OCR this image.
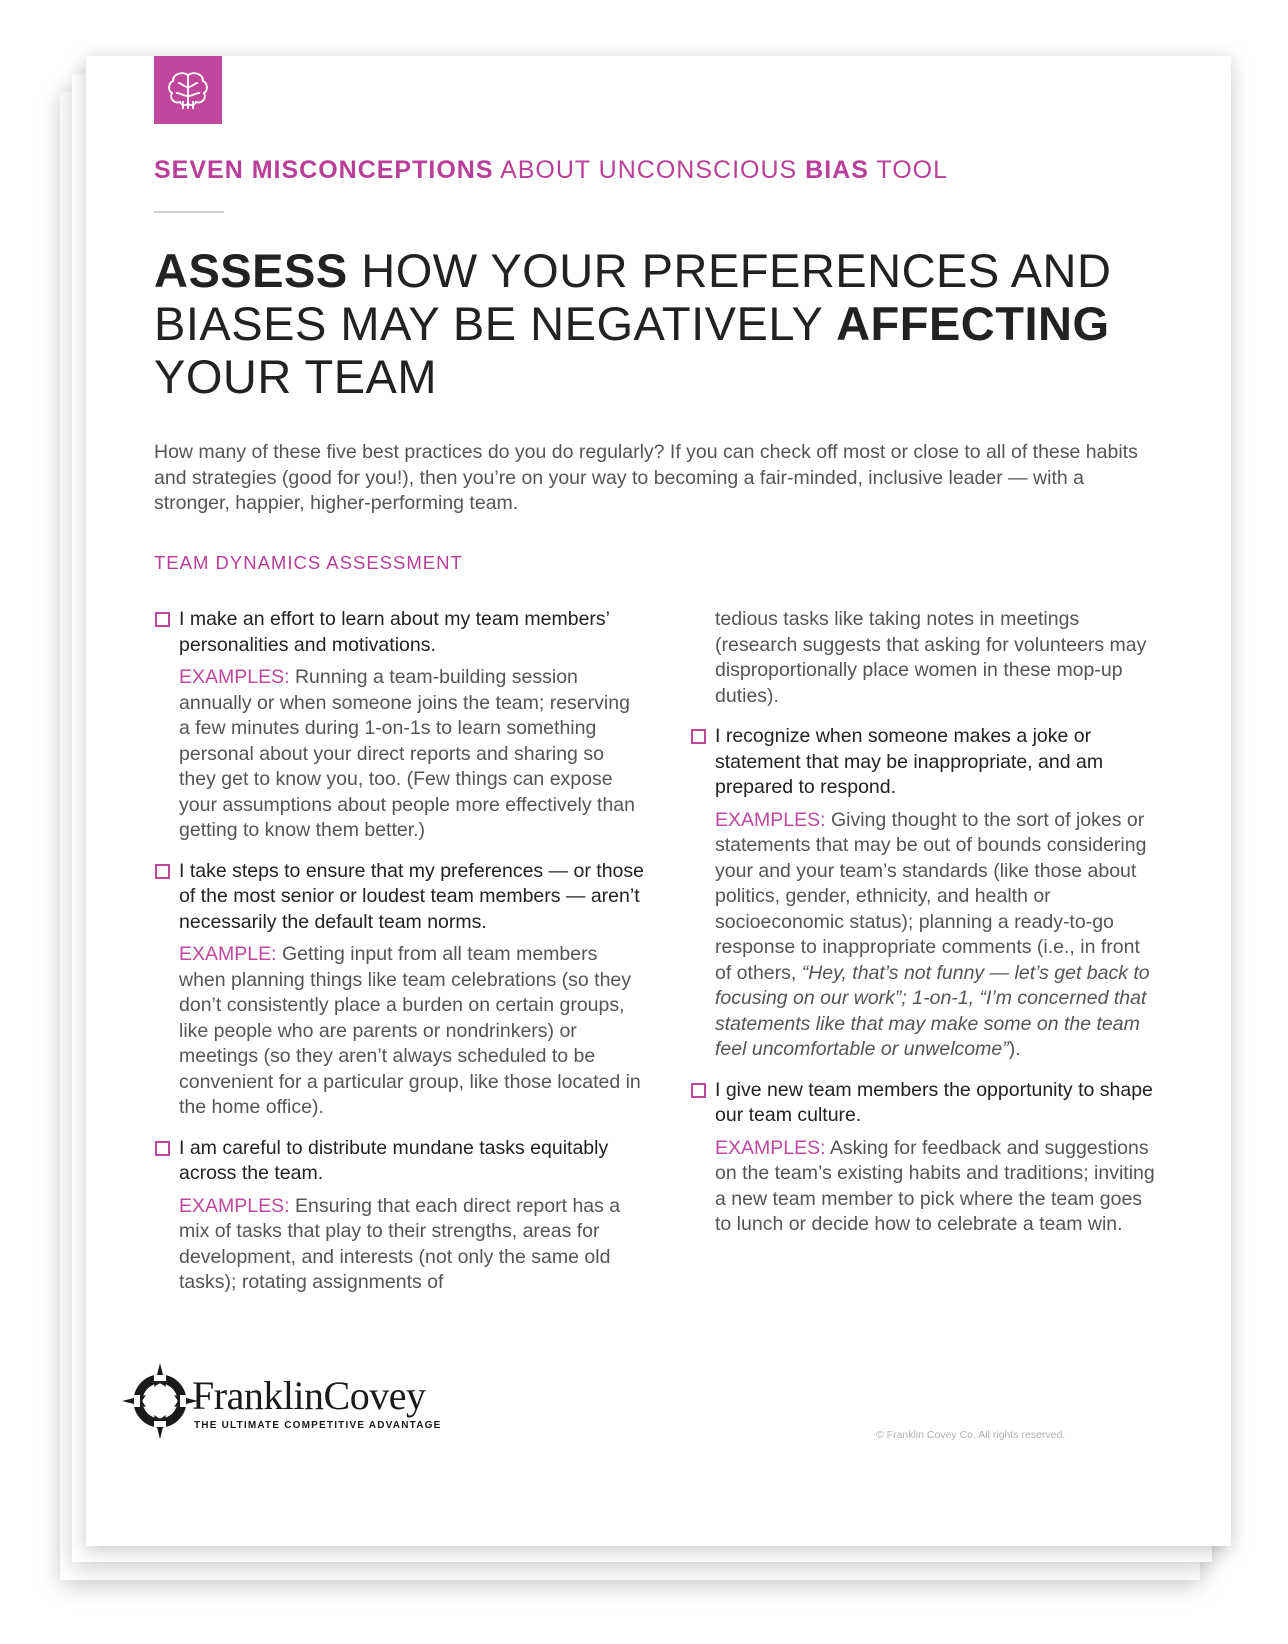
SEVEN MISCONCEPTIONS ABOUT UNCONSCIOUS BIAS TOOL
ASSESS HOW YOUR PREFERENCES AND BIASES MAY BE NEGATIVELY AFFECTING YOUR TEAM
How many of these five best practices do you do regularly? If you can check off most or close to all of these habits and strategies (good for you!), then you’re on your way to becoming a fair-minded, inclusive leader — with a stronger, happier, higher-performing team.
TEAM DYNAMICS ASSESSMENT
I make an effort to learn about my team members’ personalities and motivations.
EXAMPLES: Running a team-building session annually or when someone joins the team; reserving a few minutes during 1-on-1s to learn something personal about your direct reports and sharing so they get to know you, too. (Few things can expose your assumptions about people more effectively than getting to know them better.)
I take steps to ensure that my preferences — or those of the most senior or loudest team members — aren’t necessarily the default team norms.
EXAMPLE: Getting input from all team members when planning things like team celebrations (so they don’t consistently place a burden on certain groups, like people who are parents or nondrinkers) or meetings (so they aren’t always scheduled to be convenient for a particular group, like those located in the home office).
I am careful to distribute mundane tasks equitably across the team.
EXAMPLES: Ensuring that each direct report has a mix of tasks that play to their strengths, areas for development, and interests (not only the same old tasks); rotating assignments of
tedious tasks like taking notes in meetings (research suggests that asking for volunteers may disproportionally place women in these mop-up duties).
I recognize when someone makes a joke or statement that may be inappropriate, and am prepared to respond.
EXAMPLES: Giving thought to the sort of jokes or statements that may be out of bounds considering your and your team’s standards (like those about politics, gender, ethnicity, and health or socioeconomic status); planning a ready-to-go response to inappropriate comments (i.e., in front of others, “Hey, that’s not funny — let’s get back to focusing on our work”; 1-on-1, “I’m concerned that statements like that may make some on the team feel uncomfortable or unwelcome”).
I give new team members the opportunity to shape our team culture.
EXAMPLES: Asking for feedback and suggestions on the team’s existing habits and traditions; inviting a new team member to pick where the team goes to lunch or decide how to celebrate a team win.
FranklinCovey
THE ULTIMATE COMPETITIVE ADVANTAGE
© Franklin Covey Co. All rights reserved.
